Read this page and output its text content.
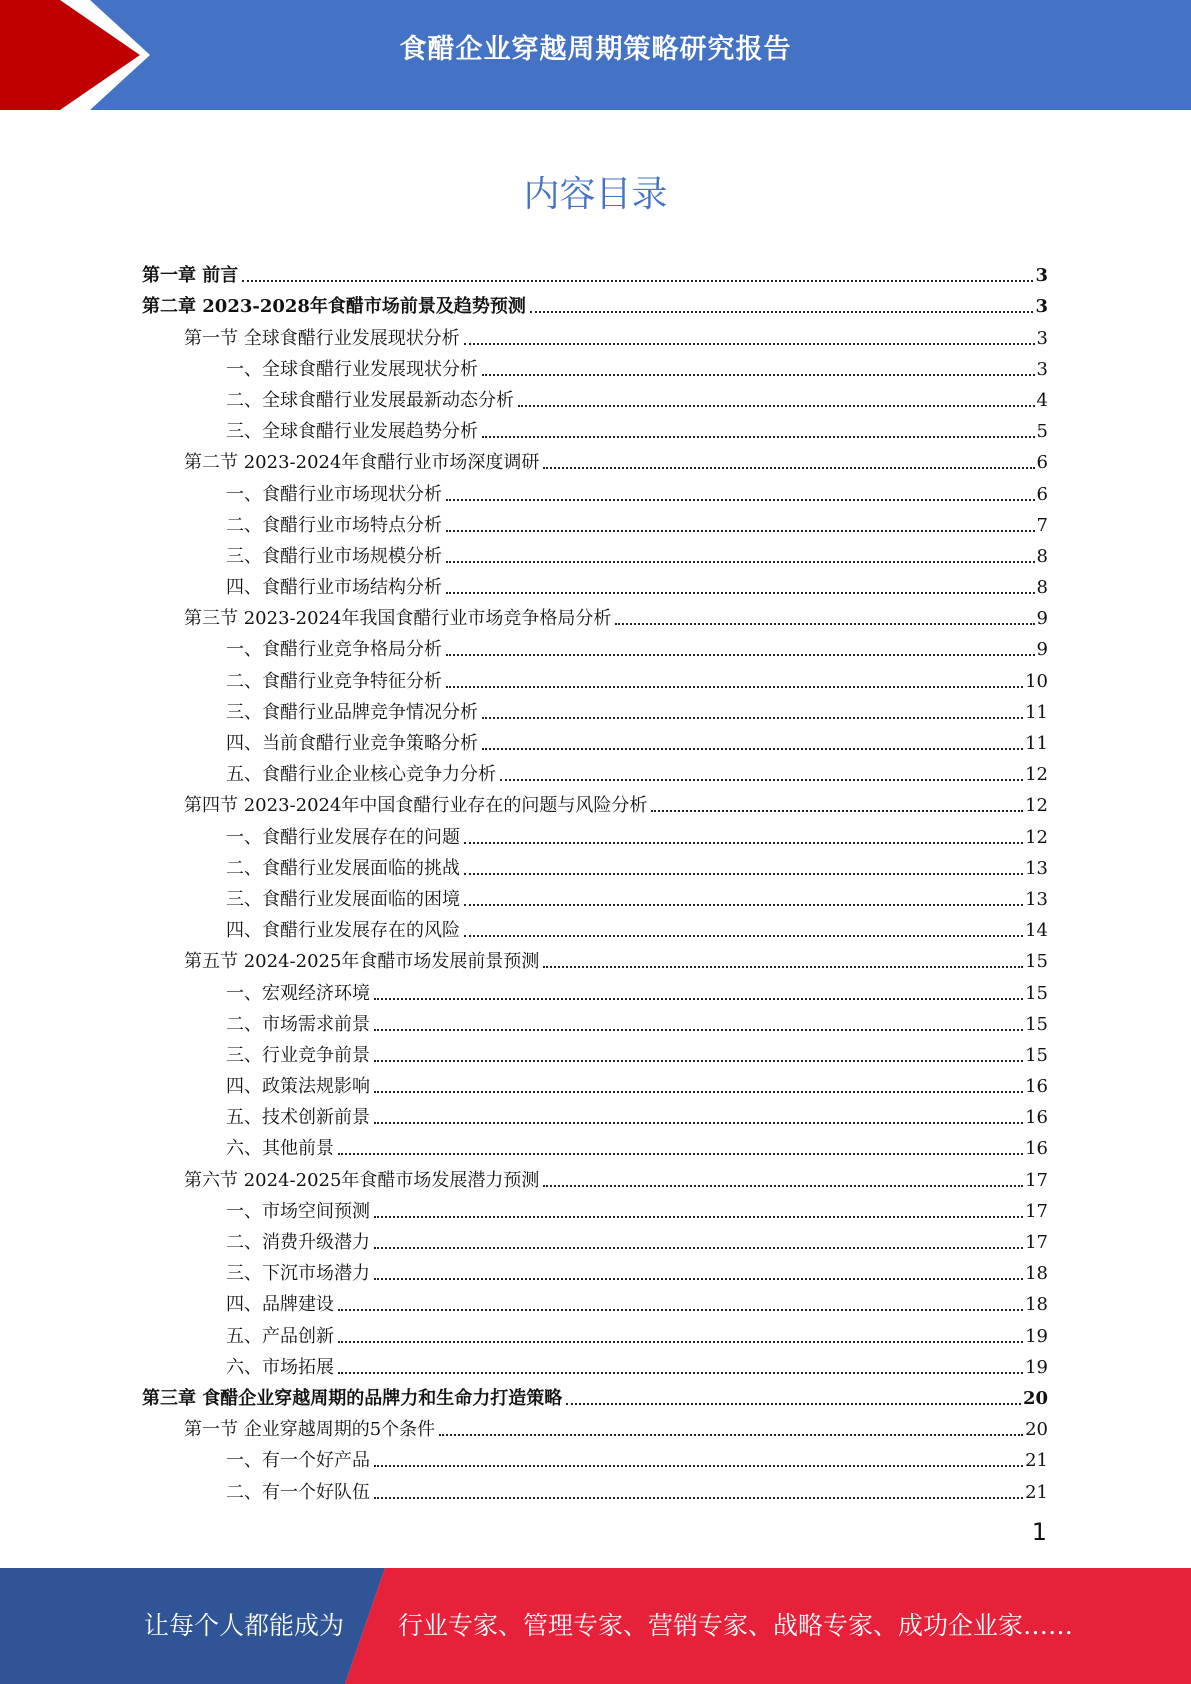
食醋企业穿越周期策略研究报告
内容目录
第一章 前言	3
第二章 2023-2028年食醋市场前景及趋势预测	3
第一节 全球食醋行业发展现状分析	3
一、全球食醋行业发展现状分析	3
二、全球食醋行业发展最新动态分析	4
三、全球食醋行业发展趋势分析	5
第二节 2023-2024年食醋行业市场深度调研	6
一、食醋行业市场现状分析	6
二、食醋行业市场特点分析	7
三、食醋行业市场规模分析	8
四、食醋行业市场结构分析	8
第三节 2023-2024年我国食醋行业市场竞争格局分析	9
一、食醋行业竞争格局分析	9
二、食醋行业竞争特征分析	10
三、食醋行业品牌竞争情况分析	11
四、当前食醋行业竞争策略分析	11
五、食醋行业企业核心竞争力分析	12
第四节 2023-2024年中国食醋行业存在的问题与风险分析	12
一、食醋行业发展存在的问题	12
二、食醋行业发展面临的挑战	13
三、食醋行业发展面临的困境	13
四、食醋行业发展存在的风险	14
第五节 2024-2025年食醋市场发展前景预测	15
一、宏观经济环境	15
二、市场需求前景	15
三、行业竞争前景	15
四、政策法规影响	16
五、技术创新前景	16
六、其他前景	16
第六节 2024-2025年食醋市场发展潜力预测	17
一、市场空间预测	17
二、消费升级潜力	17
三、下沉市场潜力	18
四、品牌建设	18
五、产品创新	19
六、市场拓展	19
第三章 食醋企业穿越周期的品牌力和生命力打造策略	20
第一节 企业穿越周期的5个条件	20
一、有一个好产品	21
二、有一个好队伍	21
1
让每个人都能成为 行业专家、管理专家、营销专家、战略专家、成功企业家……
